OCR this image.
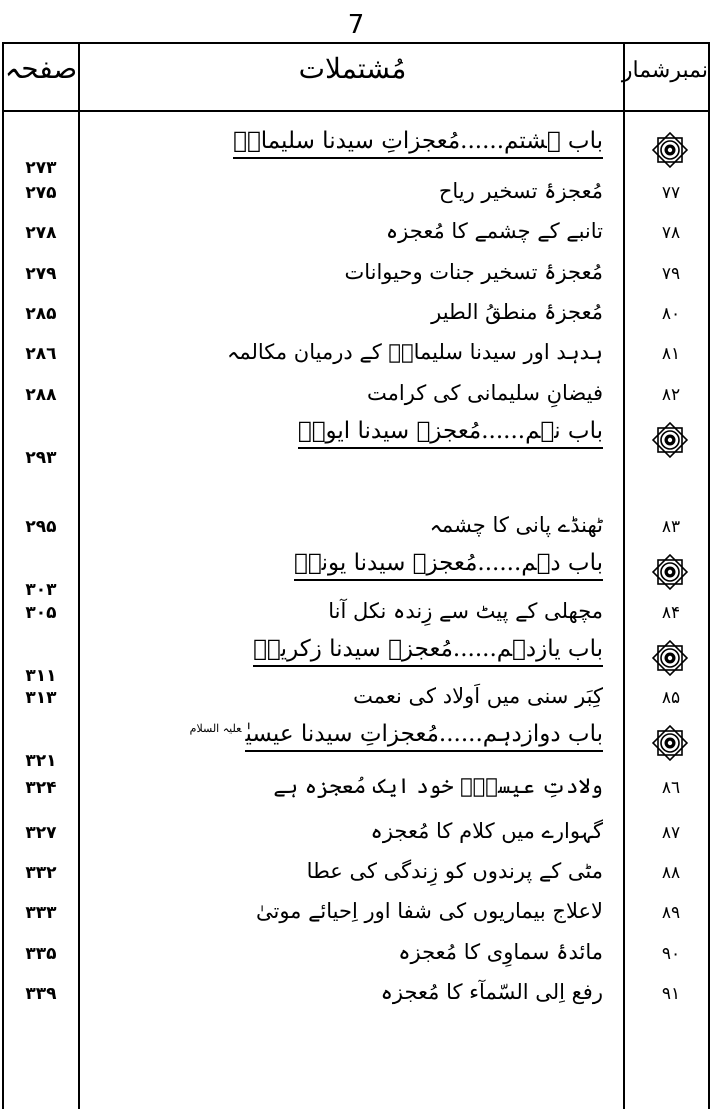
7
صفحہ	مُشتملات	نمبرشمار
باب ہشتم......مُعجزاتِ سیدنا سلیمانؑ
۲۷۳
۷۷
مُعجزۂ تسخیر ریاح
۲۷۵
۷۸
تانبے کے چشمے کا مُعجزہ
۲۷۸
۷۹
مُعجزۂ تسخیر جنات وحیوانات
۲۷۹
۸۰
مُعجزۂ منطقُ الطیر
۲۸۵
۸۱
ہدہد اور سیدنا سلیمانؑ کے درمیان مکالمہ
۲۸٦
۸۲
فیضانِ سلیمانی کی کرامت
۲۸۸
باب نہم......مُعجزۂ سیدنا ایوبؑ
۲۹۳
۸۳
ٹھنڈے پانی کا چشمہ
۲۹۵
باب دہم......مُعجزۂ سیدنا یونسؑ
۳۰۳
۸۴
مچھلی کے پیٹ سے زِندہ نکل آنا
۳۰۵
باب یازدہم......مُعجزۂ سیدنا زکریاؑ
۳۱۱
۸۵
کِبَر سنی میں اَولاد کی نعمت
۳۱۳
باب دوازدہم......مُعجزاتِ سیدنا عیسیٰ$^{علیہ السلام}$
۳۲۱
۸٦
ولادتِ عیسیٰؑ خود ایک مُعجزہ ہے
۳۲۴
۸۷
گہوارے میں کلام کا مُعجزہ
۳۲۷
۸۸
مٹی کے پرندوں کو زِندگی کی عطا
۳۳۲
۸۹
لاعلاج بیماریوں کی شفا اور اِحیائے موتیٰ
۳۳۳
۹۰
مائدۂ سماوِی کا مُعجزہ
۳۳۵
۹۱
رفع اِلی السّمآء کا مُعجزہ
۳۳۹
